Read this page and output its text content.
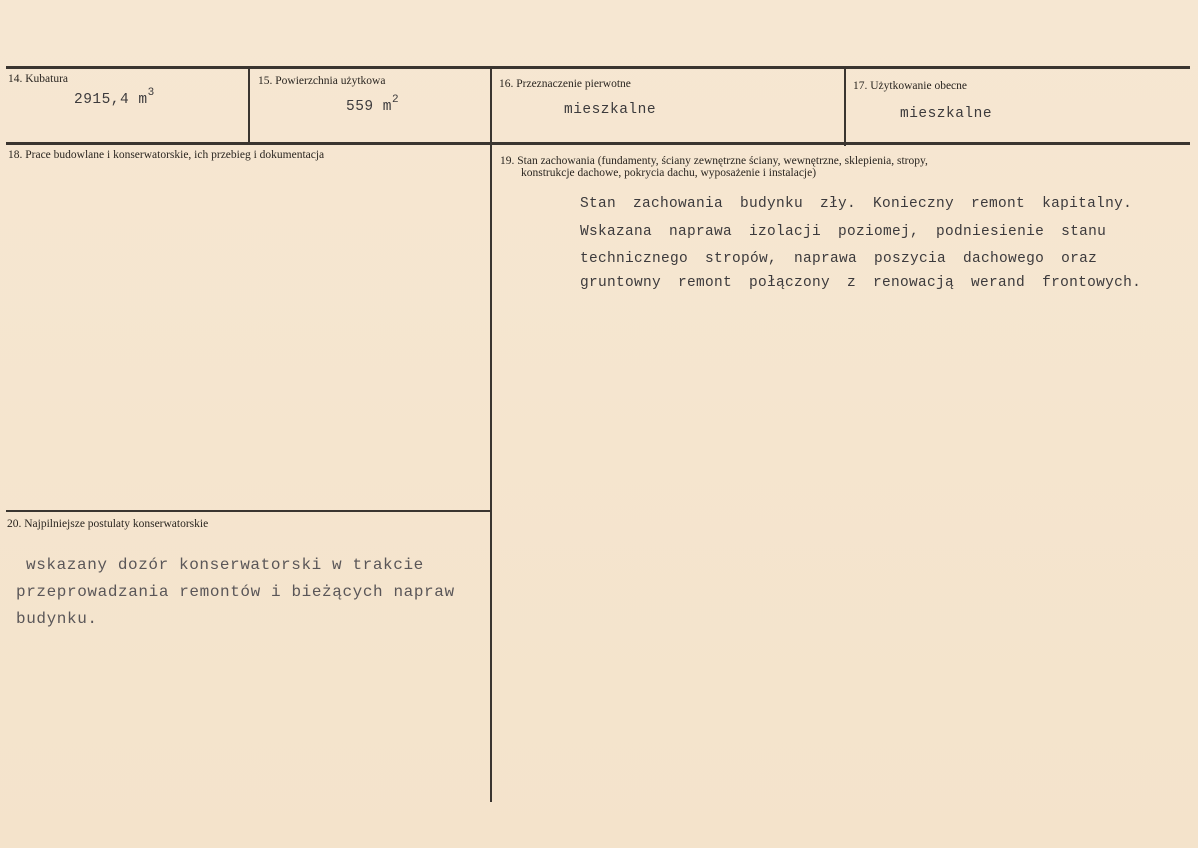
14. Kubatura
2915,4 $m^3$
15. Powierzchnia użytkowa
559 $m^2$
16. Przeznaczenie pierwotne
mieszkalne
17. Użytkowanie obecne
mieszkalne
18. Prace budowlane i konserwatorskie, ich przebieg i dokumentacja	19. Stan zachowania (fundamenty, ściany zewnętrzne ściany, wewnętrzne, sklepienia, stropy,
konstrukcje dachowe, pokrycia dachu, wyposażenie i instalacje)
Stan zachowania budynku zły. Konieczny remont kapitalny.
Wskazana naprawa izolacji poziomej, podniesienie stanu
technicznego stropów, naprawa poszycia dachowego oraz
gruntowny remont połączony z renowacją werand frontowych.
20. Najpilniejsze postulaty konserwatorskie
wskazany dozór konserwatorski w trakcie
przeprowadzania remontów i bieżących napraw
budynku.
